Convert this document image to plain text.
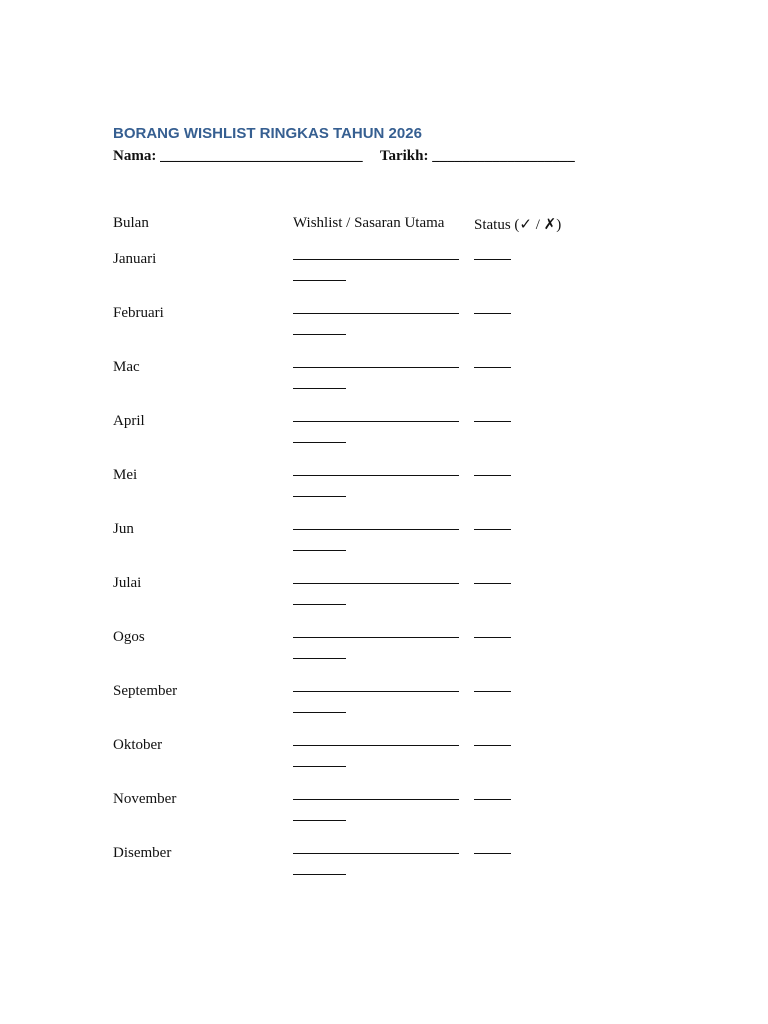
BORANG WISHLIST RINGKAS TAHUN 2026
Nama: ___________________________ Tarikh: ___________________
Bulan	Wishlist / Sasaran Utama Status (✓ / ✗)
Januari
Februari
Mac
April
Mei
Jun
Julai
Ogos
September
Oktober
November
Disember
